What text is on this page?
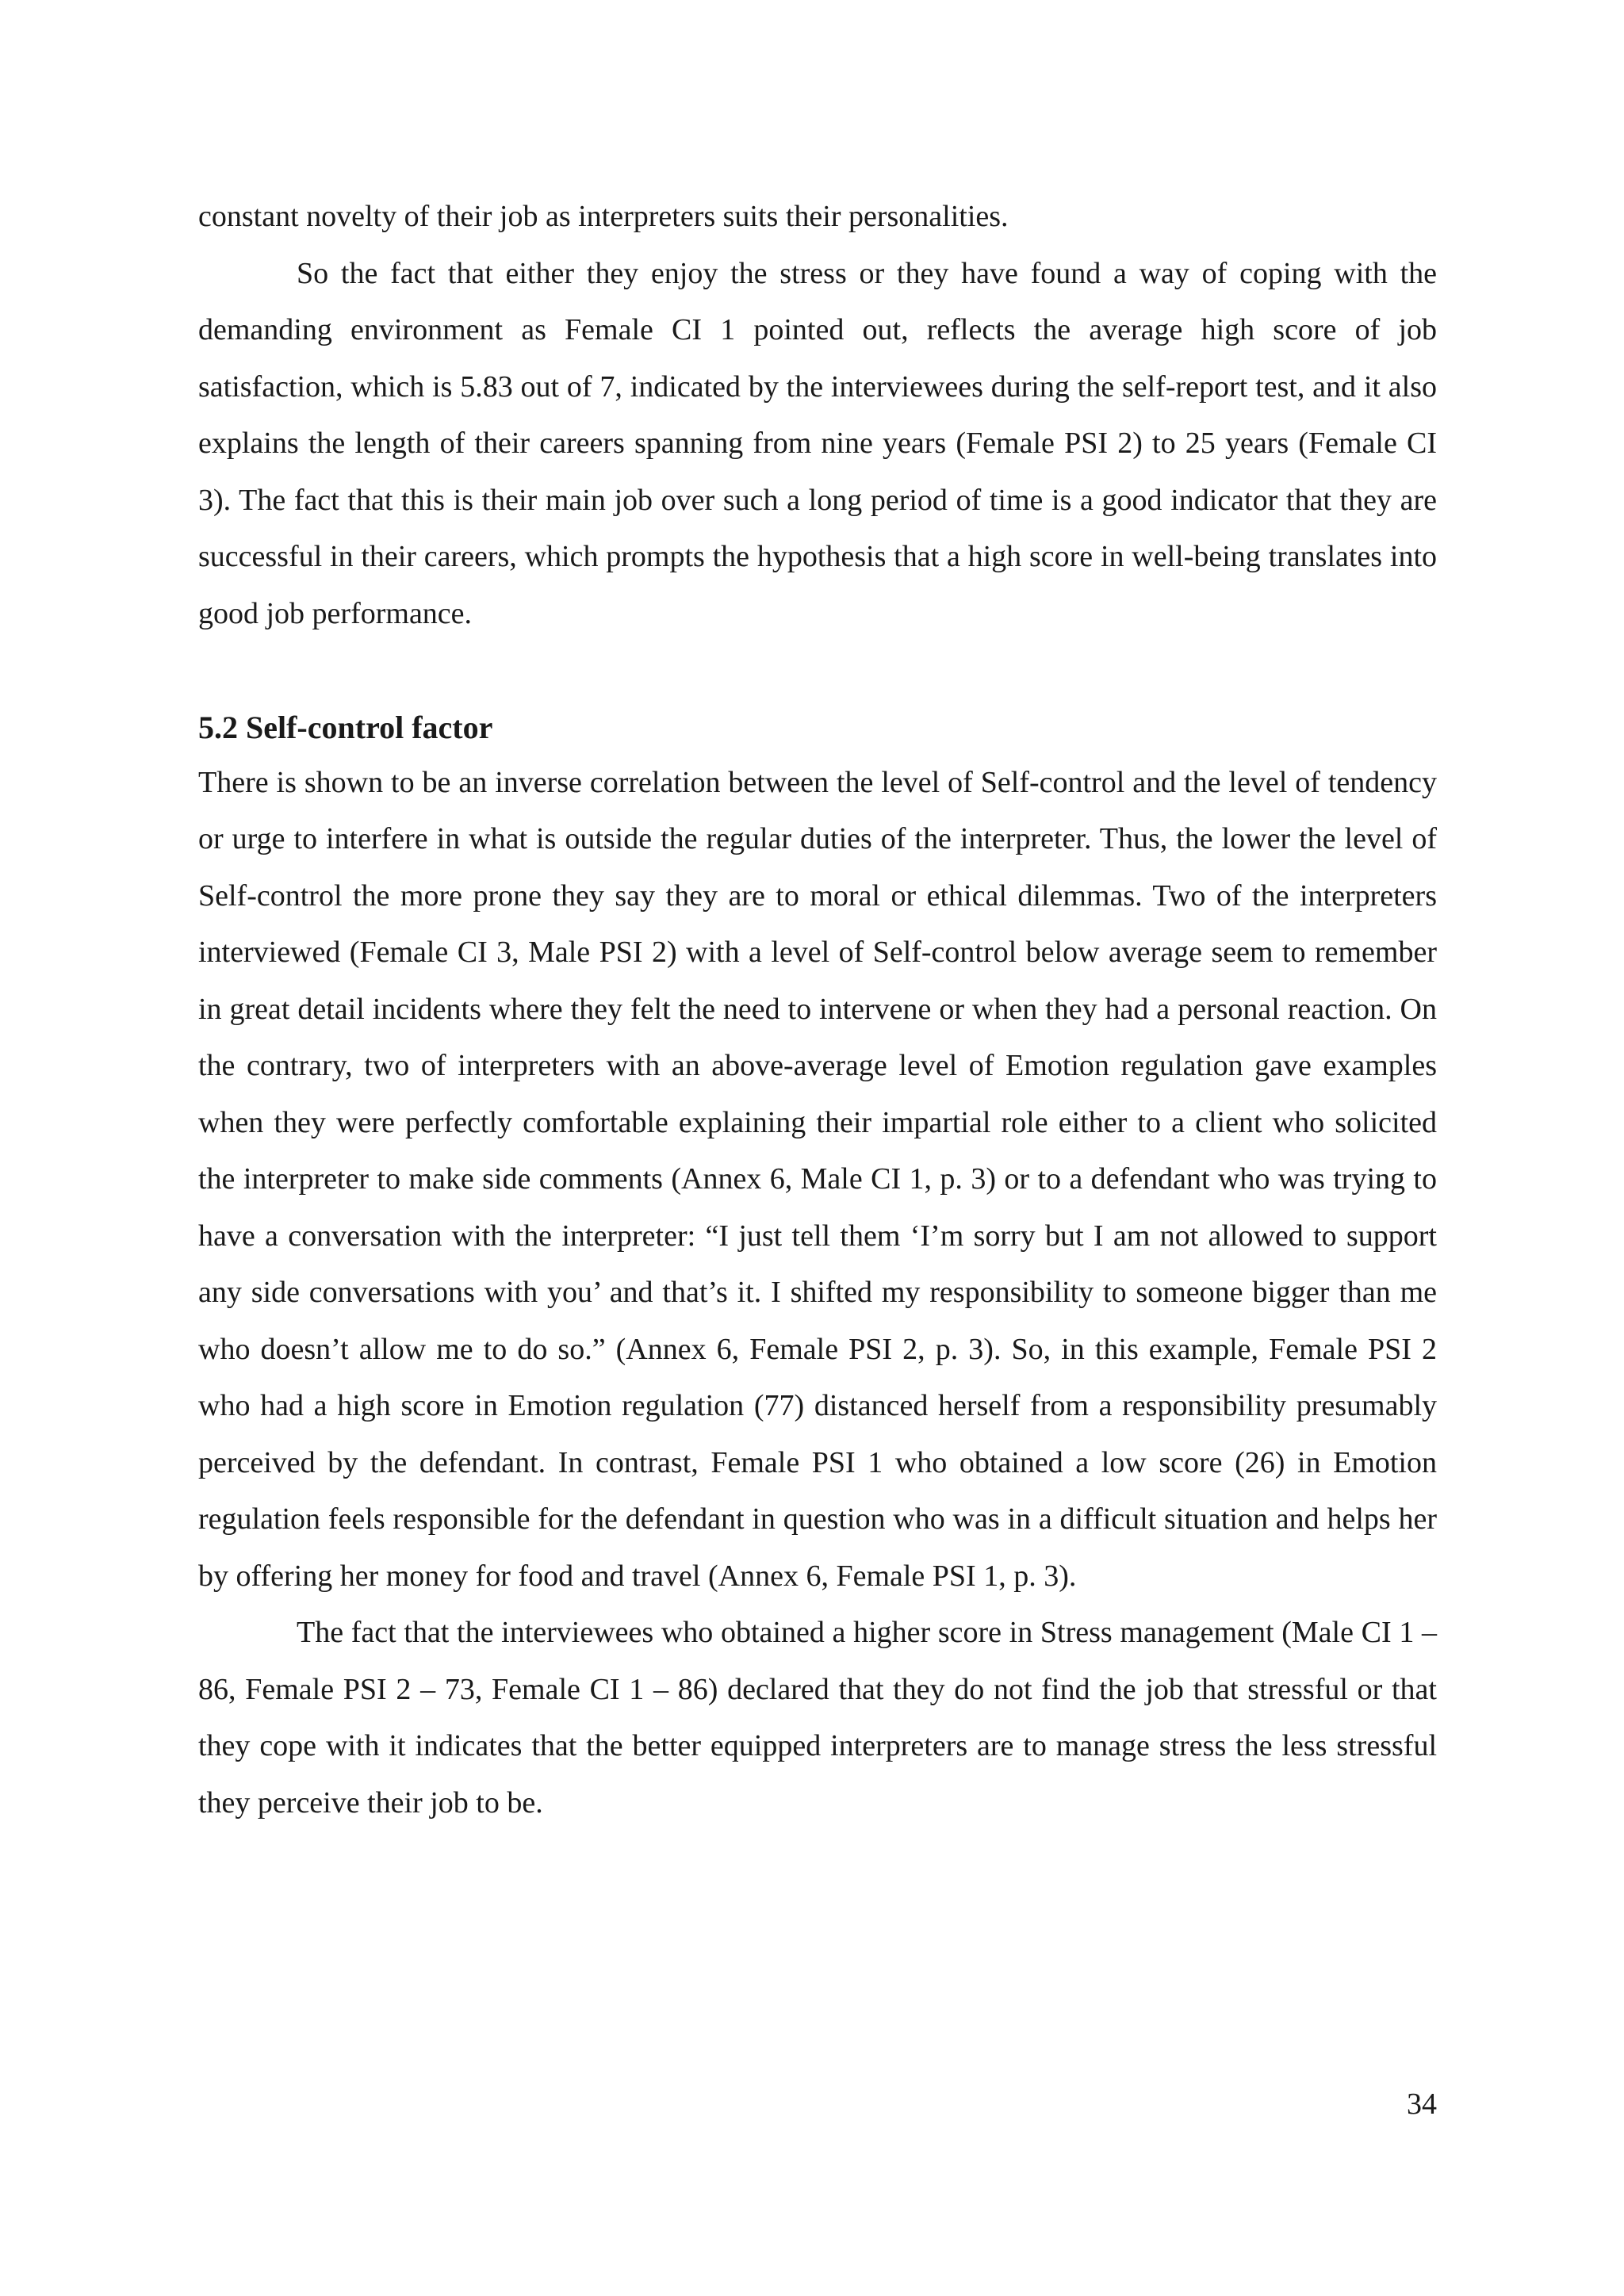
constant novelty of their job as interpreters suits their personalities.

So the fact that either they enjoy the stress or they have found a way of coping with the demanding environment as Female CI 1 pointed out, reflects the average high score of job satisfaction, which is 5.83 out of 7, indicated by the interviewees during the self-report test, and it also explains the length of their careers spanning from nine years (Female PSI 2) to 25 years (Female CI 3). The fact that this is their main job over such a long period of time is a good indicator that they are successful in their careers, which prompts the hypothesis that a high score in well-being translates into good job performance.

5.2 Self-control factor

There is shown to be an inverse correlation between the level of Self-control and the level of tendency or urge to interfere in what is outside the regular duties of the interpreter. Thus, the lower the level of Self-control the more prone they say they are to moral or ethical dilemmas. Two of the interpreters interviewed (Female CI 3, Male PSI 2) with a level of Self-control below average seem to remember in great detail incidents where they felt the need to intervene or when they had a personal reaction. On the contrary, two of interpreters with an above-average level of Emotion regulation gave examples when they were perfectly comfortable explaining their impartial role either to a client who solicited the interpreter to make side comments (Annex 6, Male CI 1, p. 3) or to a defendant who was trying to have a conversation with the interpreter: “I just tell them ‘I’m sorry but I am not allowed to support any side conversations with you’ and that’s it. I shifted my responsibility to someone bigger than me who doesn’t allow me to do so.” (Annex 6, Female PSI 2, p. 3). So, in this example, Female PSI 2 who had a high score in Emotion regulation (77) distanced herself from a responsibility presumably perceived by the defendant. In contrast, Female PSI 1 who obtained a low score (26) in Emotion regulation feels responsible for the defendant in question who was in a difficult situation and helps her by offering her money for food and travel (Annex 6, Female PSI 1, p. 3).

The fact that the interviewees who obtained a higher score in Stress management (Male CI 1 – 86, Female PSI 2 – 73, Female CI 1 – 86) declared that they do not find the job that stressful or that they cope with it indicates that the better equipped interpreters are to manage stress the less stressful they perceive their job to be.

34
